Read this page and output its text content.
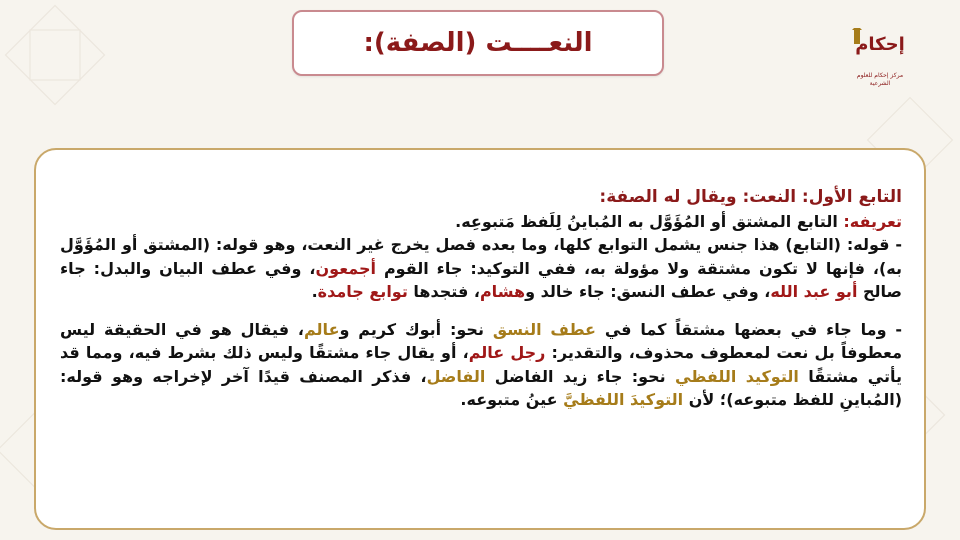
النعــــت (الصفة):	إحكام
مركز إحكام للعلوم الشرعية

التابع الأول: النعت: ويقال له الصفة:

تعريفه: التابع المشتق أو المُؤَوَّل به المُباينُ لِلَفظ مَتبوعِه.

- قوله: (التابع) هذا جنس يشمل التوابع كلها، وما بعده فصل يخرج غير النعت، وهو قوله: (المشتق أو المُؤَوَّل به)، فإنها لا تكون مشتقة ولا مؤولة به، ففي التوكيد: جاء القوم أجمعون، وفي عطف البيان والبدل: جاء صالح أبو عبد الله، وفي عطف النسق: جاء خالد وهشام، فتجدها توابع جامدة.

- وما جاء في بعضها مشتقاً كما في عطف النسق نحو: أبوك كريم وعالم، فيقال هو في الحقيقة ليس معطوفاً بل نعت لمعطوف محذوف، والتقدير: رجل عالم، أو يقال جاء مشتقًا وليس ذلك بشرط فيه، ومما قد يأتي مشتقًا التوكيد اللفظي نحو: جاء زيد الفاضل الفاضل، فذكر المصنف قيدًا آخر لإخراجه وهو قوله: (المُباينِ للفظ متبوعه)؛ لأن التوكيدَ اللفظيَّ عينُ متبوعه.
